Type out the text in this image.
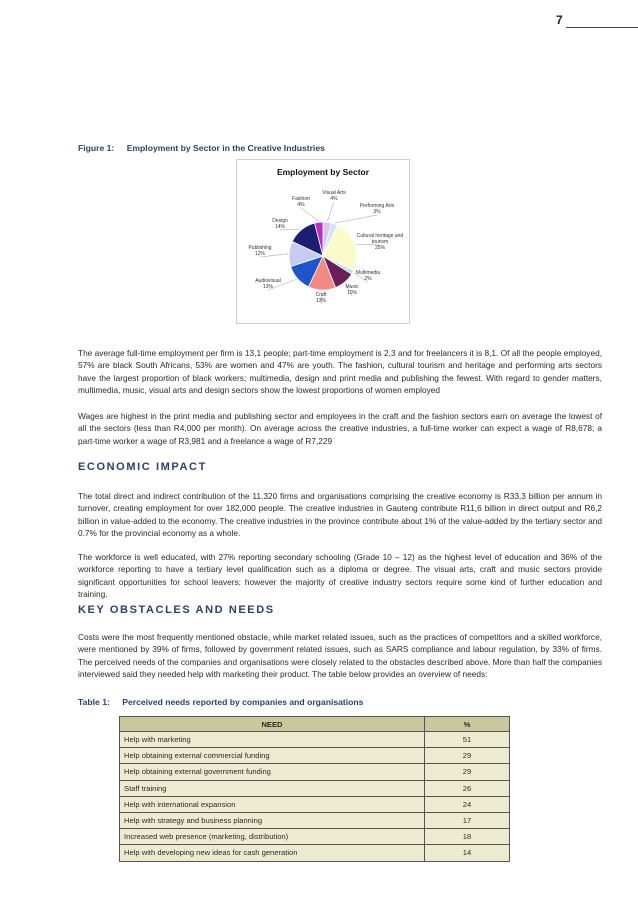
7
Figure 1: Employment by Sector in the Creative Industries
Employment by Sector
Visual Arts 4%
Performing Arts 3%
Cultural heritage and tourism 25%
Multimedia 2%
Music 10%
Craft 13%
Audiovisual 13%
Publishing 12%
Design 14%
Fashion 4%

The average full-time employment per firm is 13,1 people; part-time employment is 2,3 and for freelancers it is 8,1. Of all the people employed, 57% are black South Africans, 53% are women and 47% are youth. The fashion, cultural tourism and heritage and performing arts sectors have the largest proportion of black workers; multimedia, design and print media and publishing the fewest. With regard to gender matters, multimedia, music, visual arts and design sectors show the lowest proportions of women employed

Wages are highest in the print media and publishing sector and employees in the craft and the fashion sectors earn on average the lowest of all the sectors (less than R4,000 per month). On average across the creative industries, a full-time worker can expect a wage of R8,678; a part-time worker a wage of R3,981 and a freelance a wage of R7,229

ECONOMIC IMPACT

The total direct and indirect contribution of the 11,320 firms and organisations comprising the creative economy is R33,3 billion per annum in turnover, creating employment for over 182,000 people. The creative industries in Gauteng contribute R11,6 billion in direct output and R6,2 billion in value-added to the economy. The creative industries in the province contribute about 1% of the value-added by the tertiary sector and 0.7% for the provincial economy as a whole.

The workforce is well educated, with 27% reporting secondary schooling (Grade 10 – 12) as the highest level of education and 36% of the workforce reporting to have a tertiary level qualification such as a diploma or degree. The visual arts, craft and music sectors provide significant opportunities for school leavers; however the majority of creative industry sectors require some kind of further education and training.

KEY OBSTACLES AND NEEDS

Costs were the most frequently mentioned obstacle, while market related issues, such as the practices of competitors and a skilled workforce, were mentioned by 39% of firms, followed by government related issues, such as SARS compliance and labour regulation, by 33% of firms. The perceived needs of the companies and organisations were closely related to the obstacles described above. More than half the companies interviewed said they needed help with marketing their product. The table below provides an overview of needs:

Table 1: Perceived needs reported by companies and organisations
NEED	%
Help with marketing	51
Help obtaining external commercial funding	29
Help obtaining external government funding	29
Staff training	26
Help with international expansion	24
Help with strategy and business planning	17
Increased web presence (marketing, distribution)	18
Help with developing new ideas for cash generation	14
